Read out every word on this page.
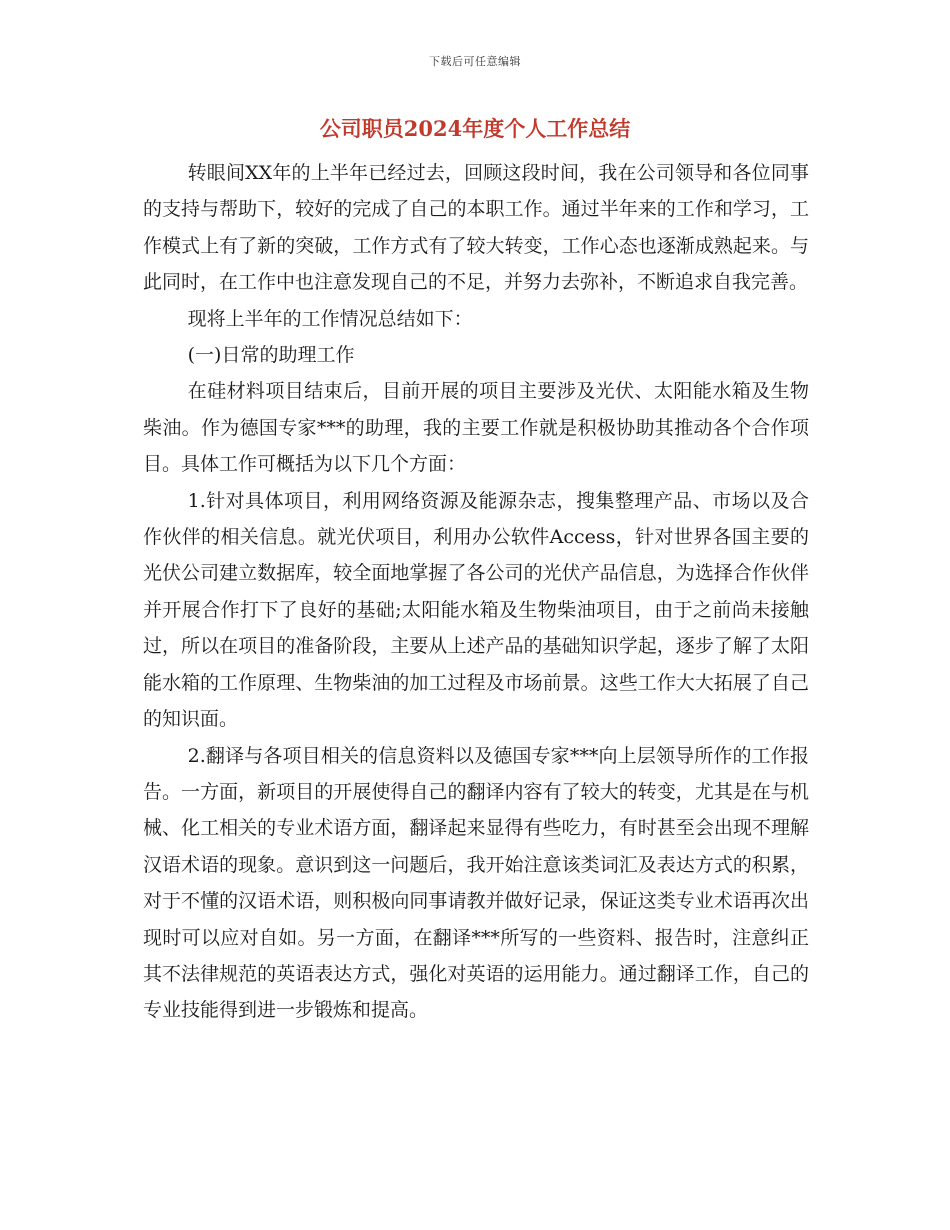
下载后可任意编辑
公司职员2024年度个人工作总结

转眼间XX年的上半年已经过去，回顾这段时间，我在公司领导和各位同事的支持与帮助下，较好的完成了自己的本职工作。通过半年来的工作和学习，工作模式上有了新的突破，工作方式有了较大转变，工作心态也逐渐成熟起来。与此同时，在工作中也注意发现自己的不足，并努力去弥补，不断追求自我完善。

现将上半年的工作情况总结如下：

(一)日常的助理工作

在硅材料项目结束后，目前开展的项目主要涉及光伏、太阳能水箱及生物柴油。作为德国专家***的助理，我的主要工作就是积极协助其推动各个合作项目。具体工作可概括为以下几个方面：

1.针对具体项目，利用网络资源及能源杂志，搜集整理产品、市场以及合作伙伴的相关信息。就光伏项目，利用办公软件Access，针对世界各国主要的光伏公司建立数据库，较全面地掌握了各公司的光伏产品信息，为选择合作伙伴并开展合作打下了良好的基础;太阳能水箱及生物柴油项目，由于之前尚未接触过，所以在项目的准备阶段，主要从上述产品的基础知识学起，逐步了解了太阳能水箱的工作原理、生物柴油的加工过程及市场前景。这些工作大大拓展了自己的知识面。

2.翻译与各项目相关的信息资料以及德国专家***向上层领导所作的工作报告。一方面，新项目的开展使得自己的翻译内容有了较大的转变，尤其是在与机械、化工相关的专业术语方面，翻译起来显得有些吃力，有时甚至会出现不理解汉语术语的现象。意识到这一问题后，我开始注意该类词汇及表达方式的积累，对于不懂的汉语术语，则积极向同事请教并做好记录，保证这类专业术语再次出现时可以应对自如。另一方面，在翻译***所写的一些资料、报告时，注意纠正其不法律规范的英语表达方式，强化对英语的运用能力。通过翻译工作，自己的专业技能得到进一步锻炼和提高。
